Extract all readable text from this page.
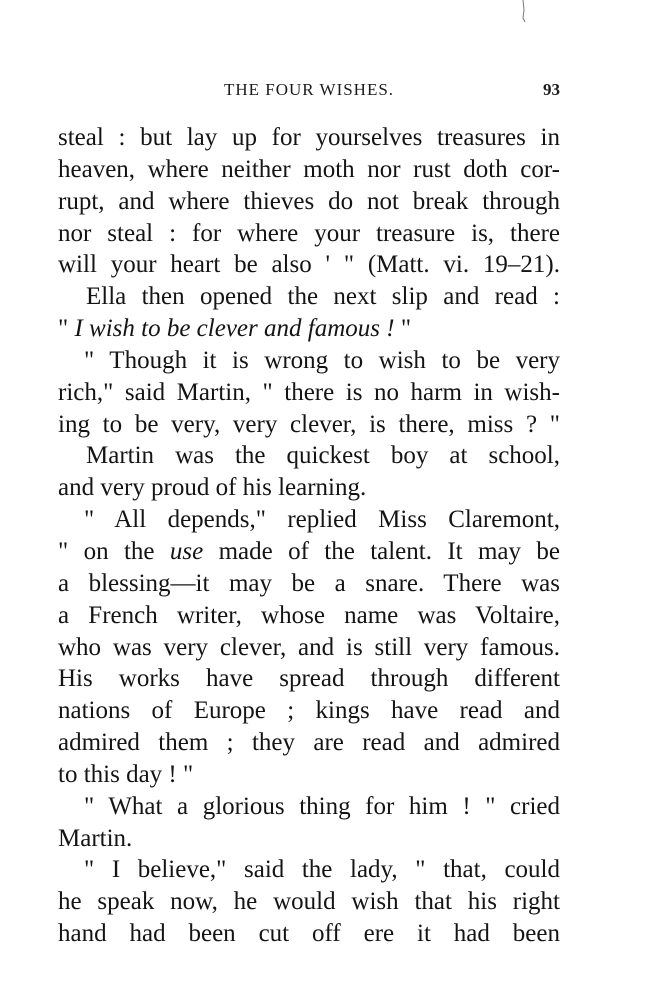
THE FOUR WISHES.	93
steal : but lay up for yourselves treasures in
heaven, where neither moth nor rust doth cor-
rupt, and where thieves do not break through
nor steal : for where your treasure is, there
will your heart be also ' " (Matt. vi. 19–21).
Ella then opened the next slip and read :
" I wish to be clever and famous ! "
" Though it is wrong to wish to be very
rich," said Martin, " there is no harm in wish-
ing to be very, very clever, is there, miss ? "
Martin was the quickest boy at school,
and very proud of his learning.
" All depends," replied Miss Claremont,
" on the use made of the talent. It may be
a blessing—it may be a snare. There was
a French writer, whose name was Voltaire,
who was very clever, and is still very famous.
His works have spread through different
nations of Europe ; kings have read and
admired them ; they are read and admired
to this day ! "
" What a glorious thing for him ! " cried
Martin.
" I believe," said the lady, " that, could
he speak now, he would wish that his right
hand had been cut off ere it had been
